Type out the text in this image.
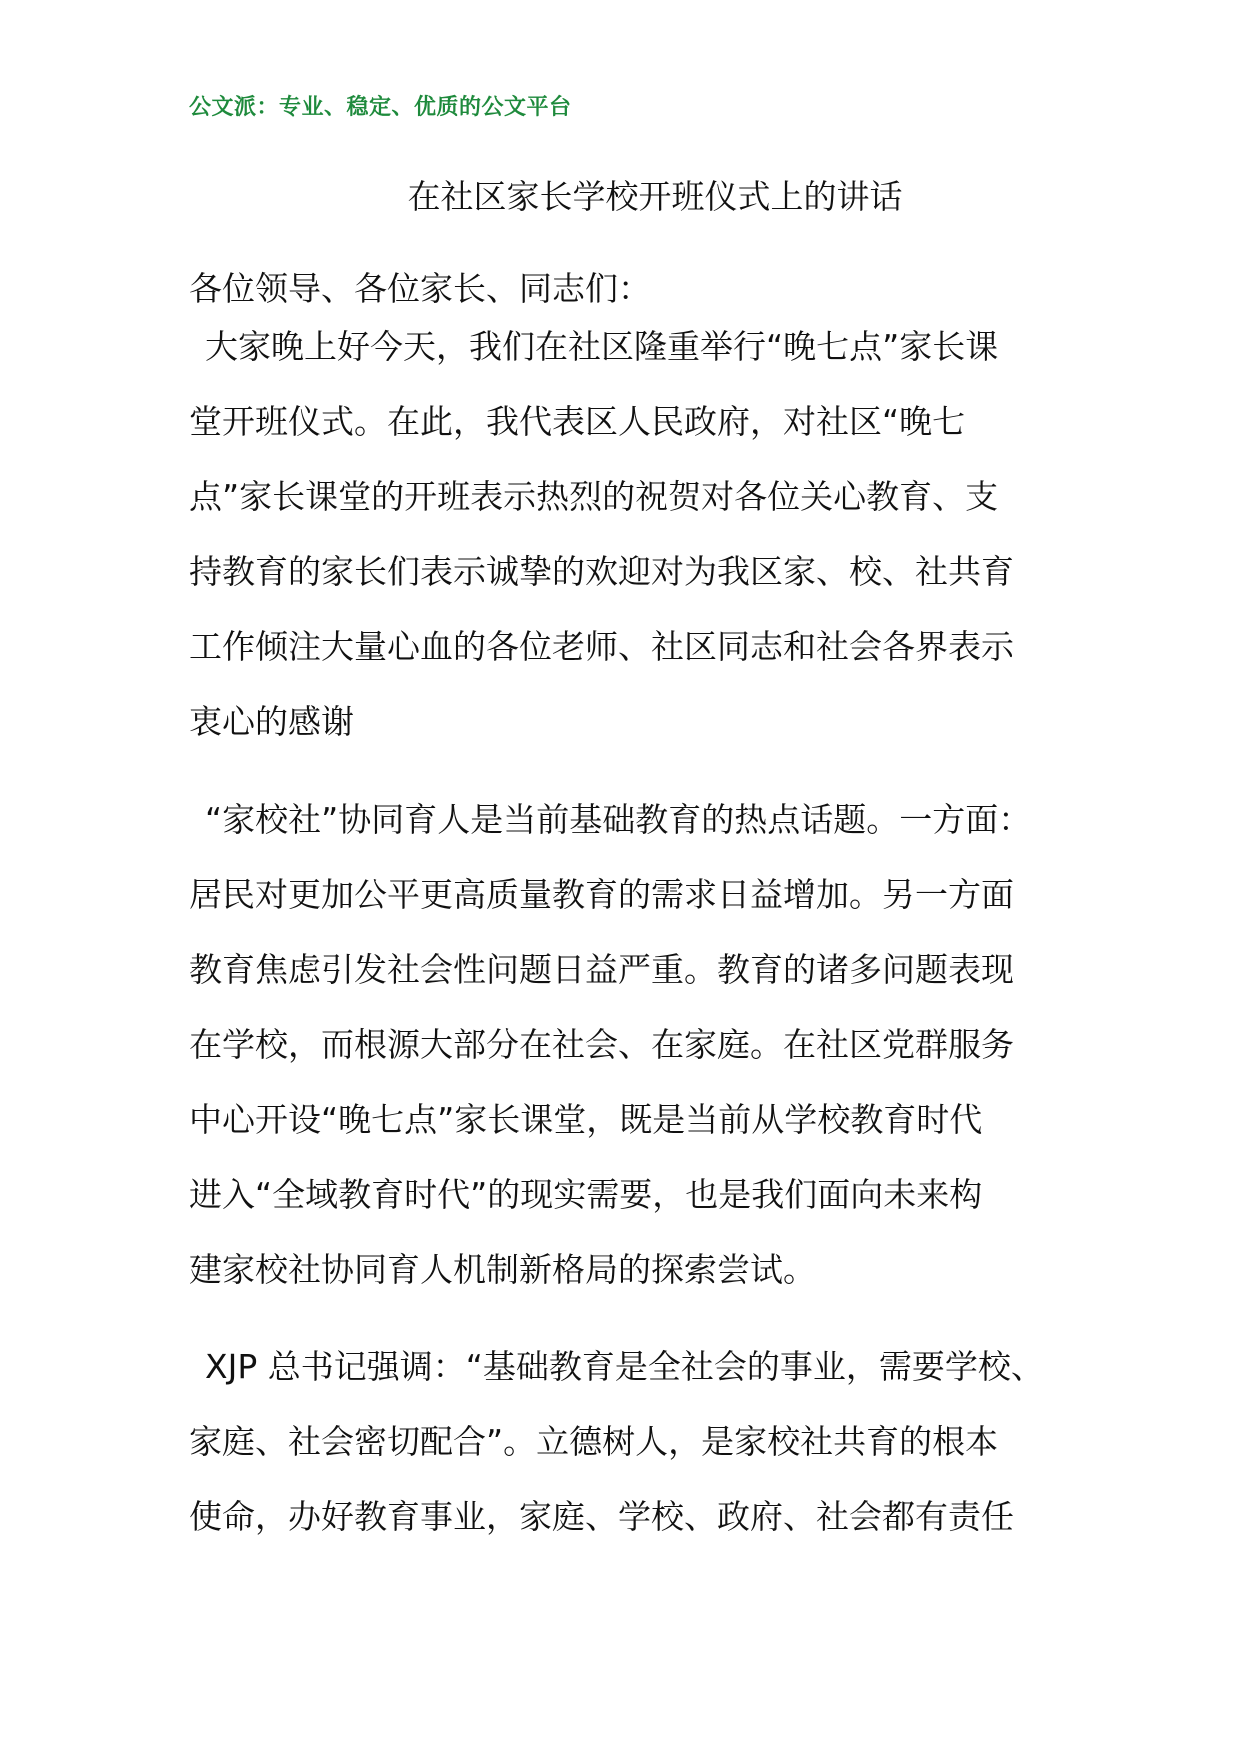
公文派：专业、稳定、优质的公文平台
在社区家长学校开班仪式上的讲话
各位领导、各位家长、同志们：
大家晚上好今天，我们在社区隆重举行“晚七点”家长课
堂开班仪式。在此，我代表区人民政府，对社区“晚七
点”家长课堂的开班表示热烈的祝贺对各位关心教育、支
持教育的家长们表示诚挚的欢迎对为我区家、校、社共育
工作倾注大量心血的各位老师、社区同志和社会各界表示
衷心的感谢
“家校社”协同育人是当前基础教育的热点话题。一方面：
居民对更加公平更高质量教育的需求日益增加。另一方面
教育焦虑引发社会性问题日益严重。教育的诸多问题表现
在学校，而根源大部分在社会、在家庭。在社区党群服务
中心开设“晚七点”家长课堂，既是当前从学校教育时代
进入“全域教育时代”的现实需要，也是我们面向未来构
建家校社协同育人机制新格局的探索尝试。
XJP 总书记强调：“基础教育是全社会的事业，需要学校、
家庭、社会密切配合”。立德树人，是家校社共育的根本
使命，办好教育事业，家庭、学校、政府、社会都有责任
